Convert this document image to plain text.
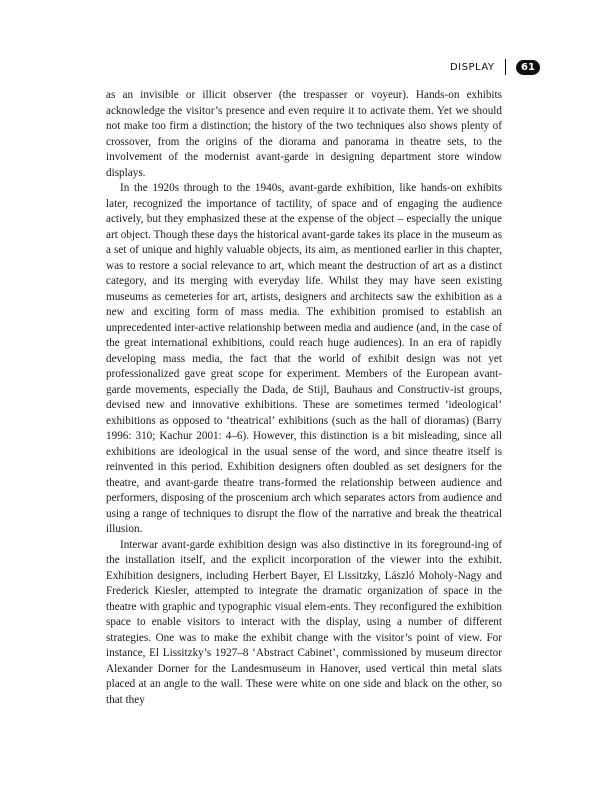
DISPLAY	61

as an invisible or illicit observer (the trespasser or voyeur). Hands-on exhibits acknowledge the visitor’s presence and even require it to activate them. Yet we should not make too firm a distinction; the history of the two techniques also shows plenty of crossover, from the origins of the diorama and panorama in theatre sets, to the involvement of the modernist avant-garde in designing department store window displays.

In the 1920s through to the 1940s, avant-garde exhibition, like hands-on exhibits later, recognized the importance of tactility, of space and of engaging the audience actively, but they emphasized these at the expense of the object – especially the unique art object. Though these days the historical avant-garde takes its place in the museum as a set of unique and highly valuable objects, its aim, as mentioned earlier in this chapter, was to restore a social relevance to art, which meant the destruction of art as a distinct category, and its merging with everyday life. Whilst they may have seen existing museums as cemeteries for art, artists, designers and architects saw the exhibition as a new and exciting form of mass media. The exhibition promised to establish an unprecedented inter-active relationship between media and audience (and, in the case of the great international exhibitions, could reach huge audiences). In an era of rapidly developing mass media, the fact that the world of exhibit design was not yet professionalized gave great scope for experiment. Members of the European avant-garde movements, especially the Dada, de Stijl, Bauhaus and Constructiv-ist groups, devised new and innovative exhibitions. These are sometimes termed ‘ideological’ exhibitions as opposed to ‘theatrical’ exhibitions (such as the hall of dioramas) (Barry 1996: 310; Kachur 2001: 4–6). However, this distinction is a bit misleading, since all exhibitions are ideological in the usual sense of the word, and since theatre itself is reinvented in this period. Exhibition designers often doubled as set designers for the theatre, and avant-garde theatre trans-formed the relationship between audience and performers, disposing of the proscenium arch which separates actors from audience and using a range of techniques to disrupt the flow of the narrative and break the theatrical illusion.

Interwar avant-garde exhibition design was also distinctive in its foreground-ing of the installation itself, and the explicit incorporation of the viewer into the exhibit. Exhibition designers, including Herbert Bayer, El Lissitzky, László Moholy-Nagy and Frederick Kiesler, attempted to integrate the dramatic organization of space in the theatre with graphic and typographic visual elem-ents. They reconfigured the exhibition space to enable visitors to interact with the display, using a number of different strategies. One was to make the exhibit change with the visitor’s point of view. For instance, El Lissitzky’s 1927–8 ‘Abstract Cabinet’, commissioned by museum director Alexander Dorner for the Landesmuseum in Hanover, used vertical thin metal slats placed at an angle to the wall. These were white on one side and black on the other, so that they
